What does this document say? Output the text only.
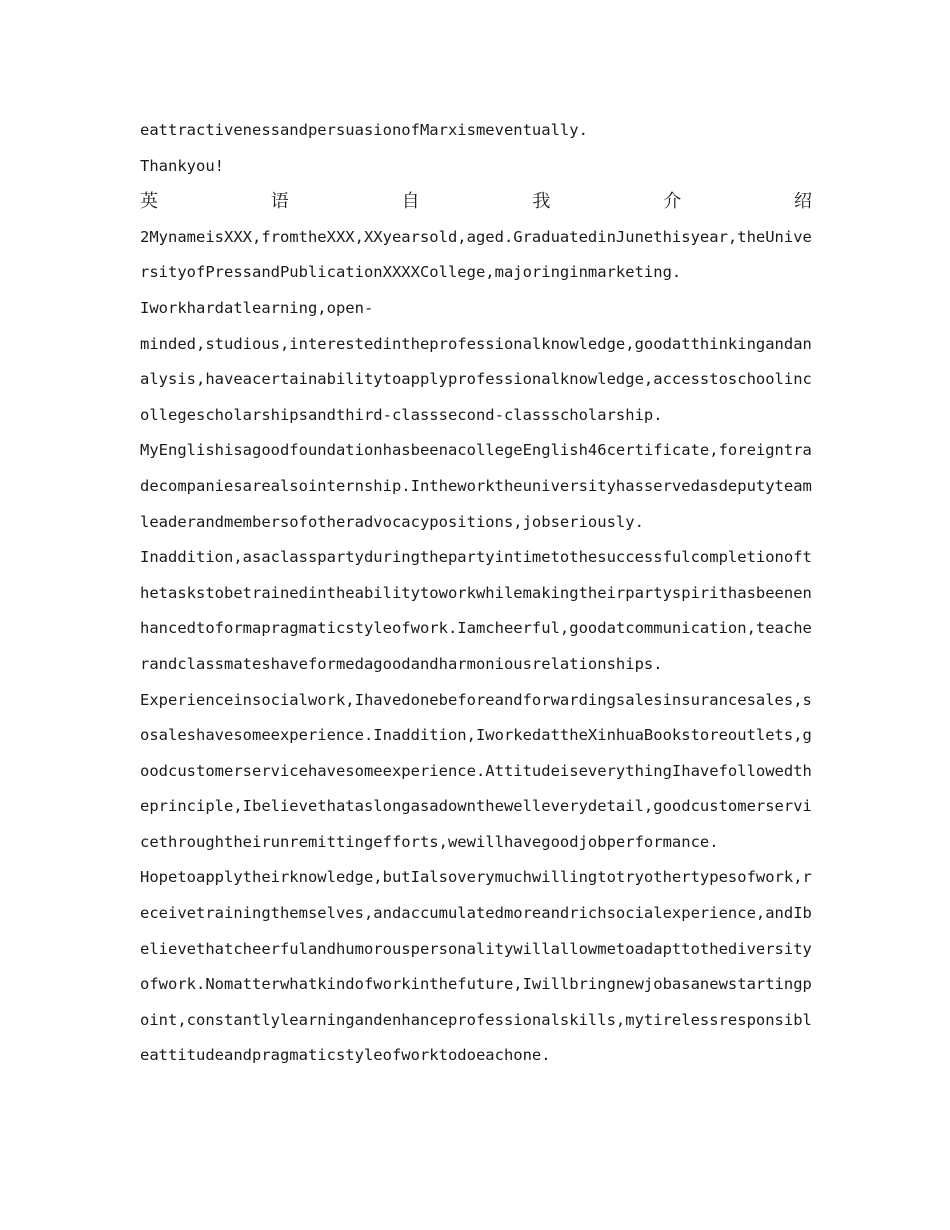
eattractivenessandpersuasionofMarxismeventually.
Thankyou!
英	语	自	我	介	绍
2MynameisXXX,fromtheXXX,XXyearsold,aged.GraduatedinJunethisyear,theUnive
rsityofPressandPublicationXXXXCollege,majoringinmarketing.
Iworkhardatlearning,open-
minded,studious,interestedintheprofessionalknowledge,goodatthinkingandan
alysis,haveacertainabilitytoapplyprofessionalknowledge,accesstoschoolinc
ollegescholarshipsandthird-classsecond-classscholarship.
MyEnglishisagoodfoundationhasbeenacollegeEnglish46certificate,foreigntra
decompaniesarealsointernship.Intheworktheuniversityhasservedasdeputyteam
leaderandmembersofotheradvocacypositions,jobseriously.
Inaddition,asaclasspartyduringthepartyintimetothesuccessfulcompletionoft
hetaskstobetrainedintheabilitytoworkwhilemakingtheirpartyspirithasbeenen
hancedtoformapragmaticstyleofwork.Iamcheerful,goodatcommunication,teache
randclassmateshaveformedagoodandharmoniousrelationships.
Experienceinsocialwork,Ihavedonebeforeandforwardingsalesinsurancesales,s
osaleshavesomeexperience.Inaddition,IworkedattheXinhuaBookstoreoutlets,g
oodcustomerservicehavesomeexperience.AttitudeiseverythingIhavefollowedth
eprinciple,Ibelievethataslongasadownthewelleverydetail,goodcustomerservi
cethroughtheirunremittingefforts,wewillhavegoodjobperformance.
Hopetoapplytheirknowledge,butIalsoverymuchwillingtotryothertypesofwork,r
eceivetrainingthemselves,andaccumulatedmoreandrichsocialexperience,andIb
elievethatcheerfulandhumorouspersonalitywillallowmetoadapttothediversity
ofwork.Nomatterwhatkindofworkinthefuture,Iwillbringnewjobasanewstartingp
oint,constantlylearningandenhanceprofessionalskills,mytirelessresponsibl
eattitudeandpragmaticstyleofworktodoeachone.
